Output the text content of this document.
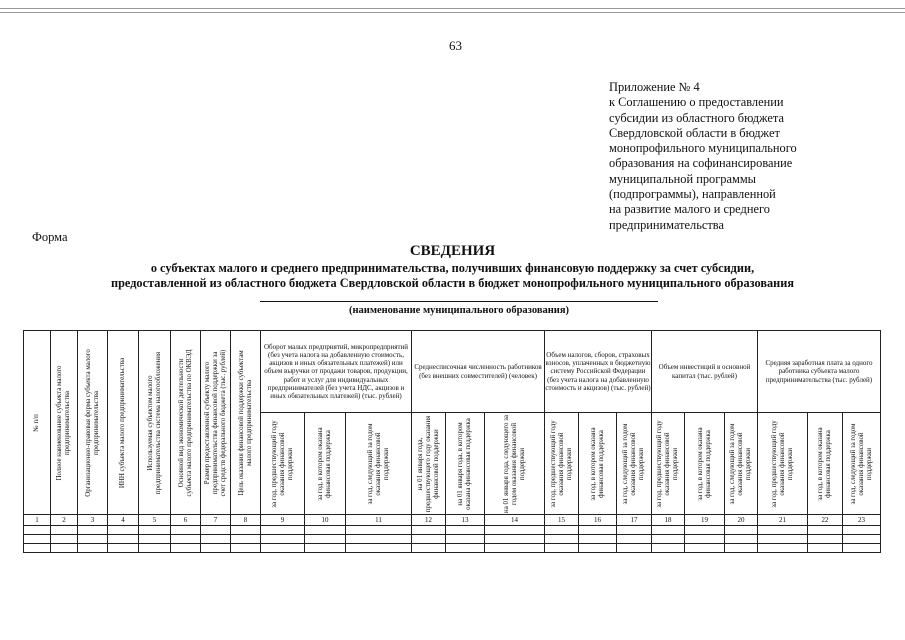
63
Приложение № 4
к Соглашению о предоставлении
субсидии из областного бюджета
Свердловской области в бюджет
монопрофильного муниципального
образования на софинансирование
муниципальной программы
(подпрограммы), направленной
на развитие малого и среднего
предпринимательства
Форма
СВЕДЕНИЯ
о субъектах малого и среднего предпринимательства, получивших финансовую поддержку за счет субсидии,
предоставленной из областного бюджета Свердловской области в бюджет монопрофильного муниципального образования
(наименование муниципального образования)
№ п/п	Полное наименование субъекта малого предпринимательства	Организационно-правовая форма субъекта малого предпринимательства	ИНН субъекта малого предпринимательства	Используемая субъектом малого предпринимательства система налогообложения	Основной вид экономической деятельности субъекта малого предпринимательства по ОКВЭД	Размер предоставленной субъекту малого предпринимательства финансовой поддержки за счет средств федерального бюджета (тыс. рублей)	Цель оказания финансовой поддержки субъектам малого предпринимательства	Оборот малых предприятий, микропредприятий (без учета налога на добавленную стоимость, акцизов и иных обязательных платежей) или объем выручки от продажи товаров, продукции, работ и услуг для индивидуальных предпринимателей (без учета НДС, акцизов и иных обязательных платежей) (тыс. рублей)			Среднесписочная численность работников (без внешних совместителей) (человек)			Объем налогов, сборов, страховых взносов, уплаченных в бюджетную систему Российской Федерации (без учета налога на добавленную стоимость и акцизов) (тыс. рублей)			Объем инвестиций в основной капитал (тыс. рублей)			Средняя заработная плата за одного работника субъекта малого предпринимательства (тыс. рублей)		

за год, предшествующий году оказания финансовой поддержки	за год, в котором оказана финансовая поддержка	за год, следующий за годом оказания финансовой поддержки	на 01 января года, предшествующего году оказания финансовой поддержки	на 01 января года, в котором оказана финансовая поддержка	на 01 января года, следующего за годом оказания финансовой поддержки	за год, предшествующий году оказания финансовой поддержки	за год, в котором оказана финансовая поддержка	за год, следующий за годом оказания финансовой поддержки	за год, предшествующий году оказания финансовой поддержки	за год, в котором оказана финансовая поддержка	за год, следующий за годом оказания финансовой поддержки	за год, предшествующий году оказания финансовой поддержки	за год, в котором оказана финансовая поддержка	за год, следующий за годом оказания финансовой поддержки

1	2	3	4	5	6	7	8	9	10	11	12	13	14	15	16	17	18	19	20	21	22	23
